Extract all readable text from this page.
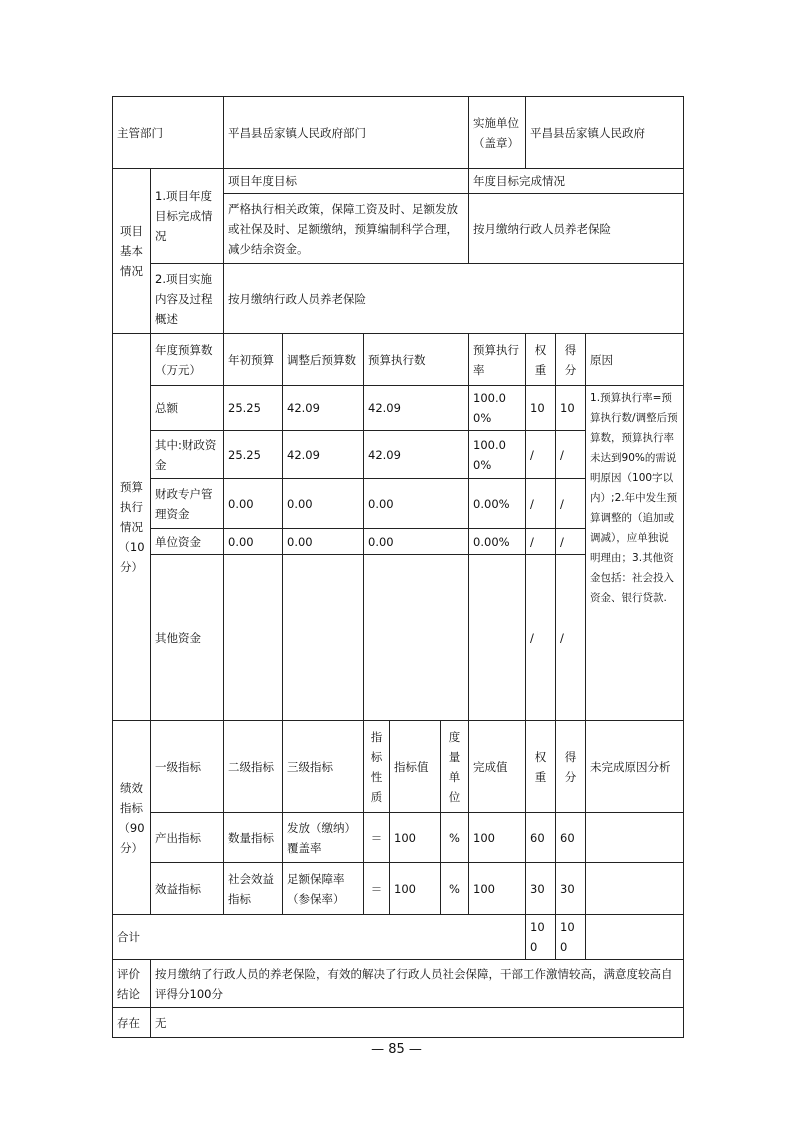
主管部门		平昌县岳家镇人民政府部门					实施单位（盖章）	平昌县岳家镇人民政府		
项目基本情况	1.项目年度目标完成情况	项目年度目标					年度目标完成情况			
		严格执行相关政策，保障工资及时、足额发放或社保及时、足额缴纳，预算编制科学合理，减少结余资金。					按月缴纳行政人员养老保险			
	2.项目实施内容及过程概述	按月缴纳行政人员养老保险								
预算执行情况（10分）	年度预算数（万元）	年初预算	调整后预算数	预算执行数			预算执行率	权重	得分	原因
	总额	25.25	42.09	42.09			100.00%	10	10	1.预算执行率=预算执行数/调整后预算数，预算执行率未达到90%的需说明原因（100字以内）;2.年中发生预算调整的（追加或调减），应单独说明理由；3.其他资金包括：社会投入资金、银行贷款.
	其中:财政资金	25.25	42.09	42.09			100.00%	/	/	
	财政专户管理资金	0.00	0.00	0.00			0.00%	/	/	
	单位资金	0.00	0.00	0.00			0.00%	/	/	
	其他资金							/	/	
绩效指标（90分）	一级指标	二级指标	三级指标	指标性质	指标值	度量单位	完成值	权重	得分	未完成原因分析
	产出指标	数量指标	发放（缴纳）覆盖率	＝	100	%	100	60	60	
	效益指标	社会效益指标	足额保障率（参保率）	＝	100	%	100	30	30	
合计								100	100	
评价结论	按月缴纳了行政人员的养老保险，有效的解决了行政人员社会保障，干部工作激情较高，满意度较高自评得分100分									
存在	无									
— 85 —
